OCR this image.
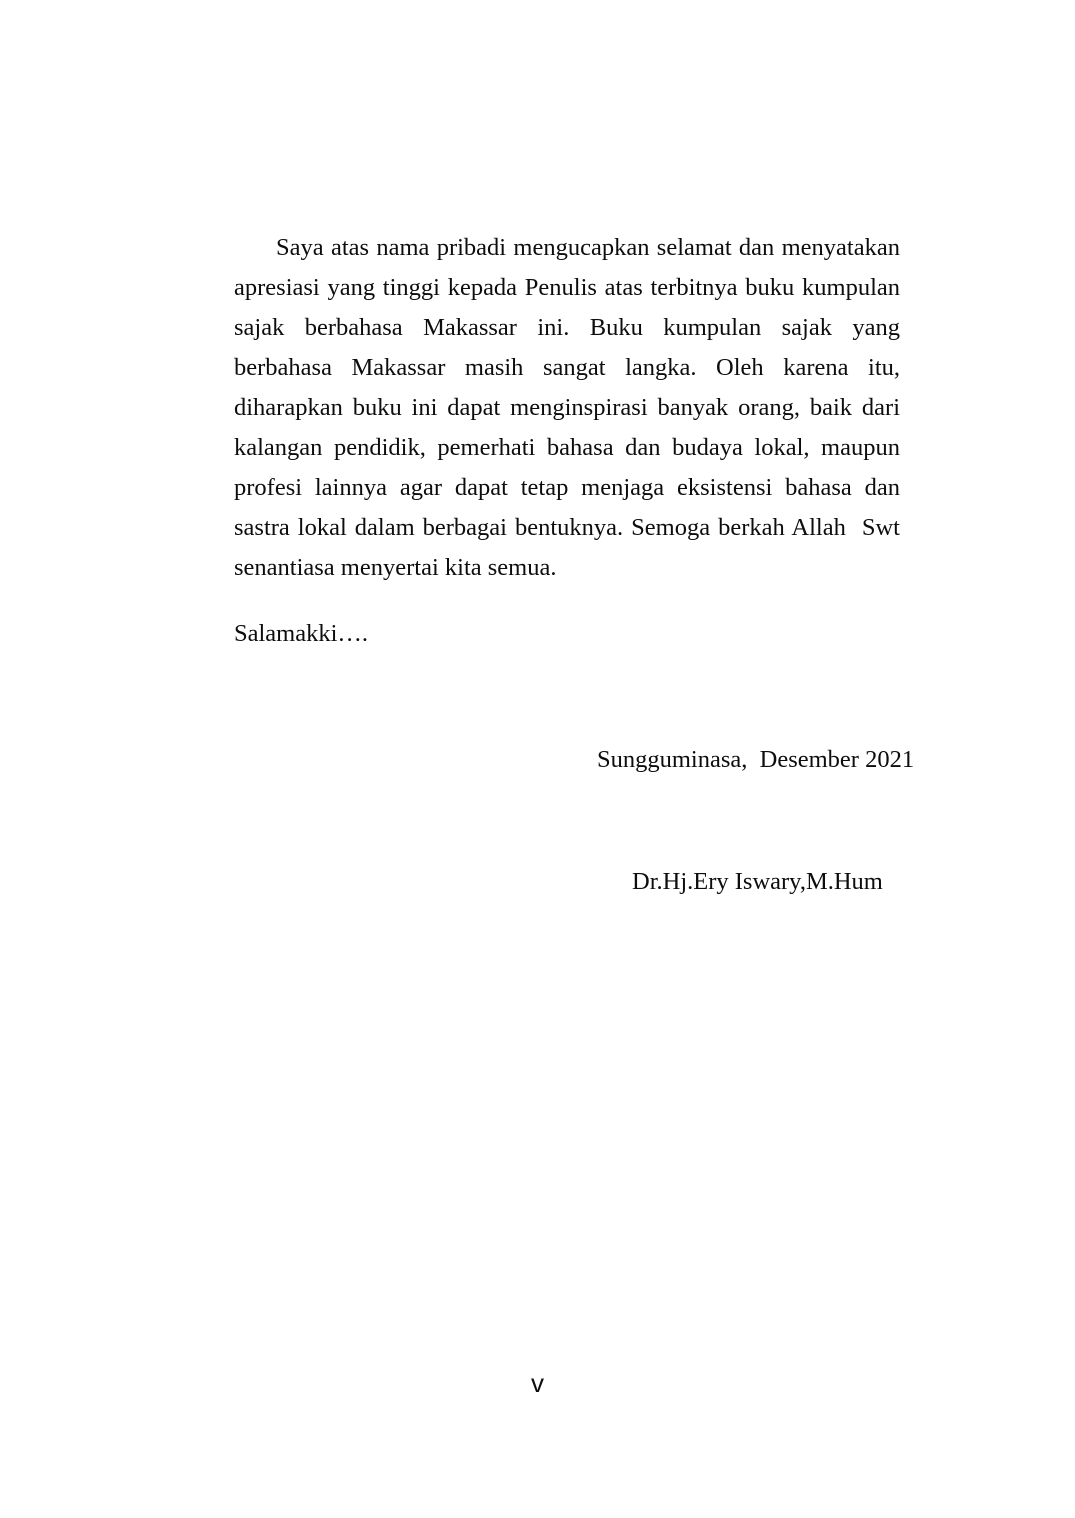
Saya atas nama pribadi mengucapkan selamat dan menyatakan apresiasi yang tinggi kepada Penulis atas terbitnya buku kumpulan sajak berbahasa Makassar ini. Buku kumpulan sajak yang berbahasa Makassar masih sangat langka. Oleh karena itu, diharapkan buku ini dapat menginspirasi banyak orang, baik dari kalangan pendidik, pemerhati bahasa dan budaya lokal, maupun profesi lainnya agar dapat tetap menjaga eksistensi bahasa dan sastra lokal dalam berbagai bentuknya. Semoga berkah Allah  Swt senantiasa menyertai kita semua.

Salamakki….

Sungguminasa,  Desember 2021

Dr.Hj.Ery Iswary,M.Hum

v
